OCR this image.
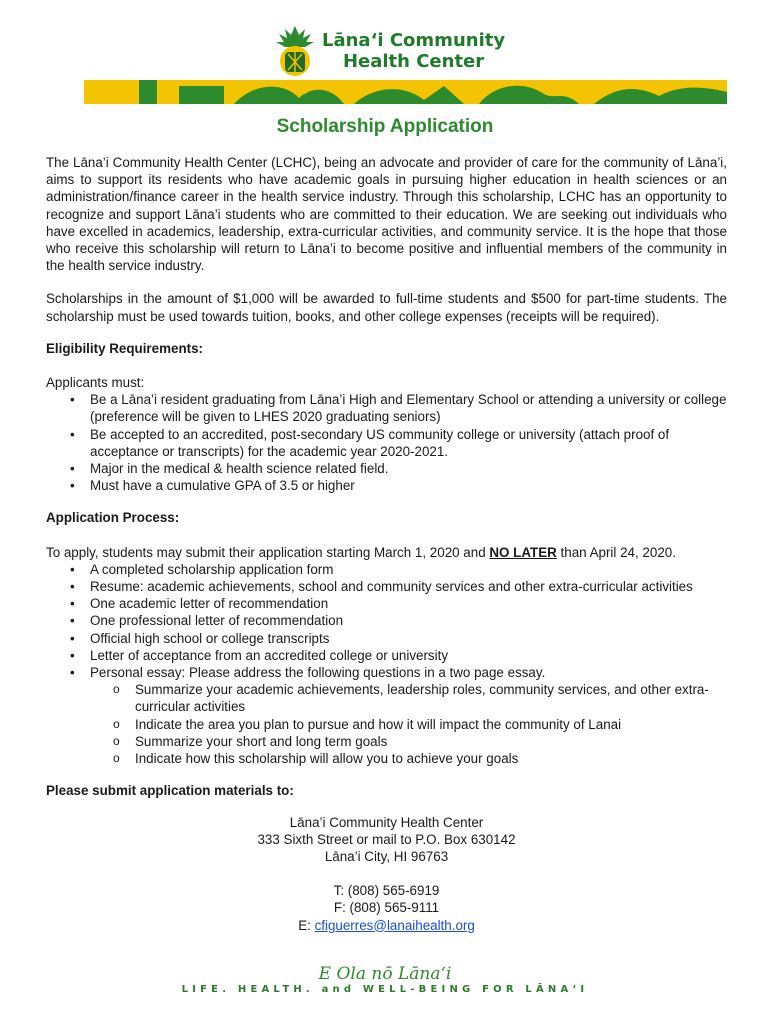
Lāna‘i Community
Health Center
Scholarship Application

The Lāna’i Community Health Center (LCHC), being an advocate and provider of care for the community of Lāna’i, aims to support its residents who have academic goals in pursuing higher education in health sciences or an administration/finance career in the health service industry. Through this scholarship, LCHC has an opportunity to recognize and support Lāna’i students who are committed to their education. We are seeking out individuals who have excelled in academics, leadership, extra-curricular activities, and community service. It is the hope that those who receive this scholarship will return to Lāna’i to become positive and influential members of the community in the health service industry.

Scholarships in the amount of $1,000 will be awarded to full-time students and $500 for part-time students. The scholarship must be used towards tuition, books, and other college expenses (receipts will be required).

Eligibility Requirements:

Applicants must:

• Be a Lāna’i resident graduating from Lāna’i High and Elementary School or attending a university or college (preference will be given to LHES 2020 graduating seniors)
• Be accepted to an accredited, post-secondary US community college or university (attach proof of acceptance or transcripts) for the academic year 2020-2021.
• Major in the medical & health science related field.
• Must have a cumulative GPA of 3.5 or higher

Application Process:

To apply, students may submit their application starting March 1, 2020 and NO LATER than April 24, 2020.

• A completed scholarship application form
• Resume: academic achievements, school and community services and other extra-curricular activities
• One academic letter of recommendation
• One professional letter of recommendation
• Official high school or college transcripts
• Letter of acceptance from an accredited college or university
• Personal essay: Please address the following questions in a two page essay.
o Summarize your academic achievements, leadership roles, community services, and other extra-curricular activities
o Indicate the area you plan to pursue and how it will impact the community of Lanai
o Summarize your short and long term goals
o Indicate how this scholarship will allow you to achieve your goals

Please submit application materials to:

Lāna’i Community Health Center
333 Sixth Street or mail to P.O. Box 630142
Lāna’i City, HI 96763
T: (808) 565-6919
F: (808) 565-9111
E: cfiguerres@lanaihealth.org
E Ola nō Lāna‘i
LIFE. HEALTH. and WELL-BEING FOR LĀNA‘I
